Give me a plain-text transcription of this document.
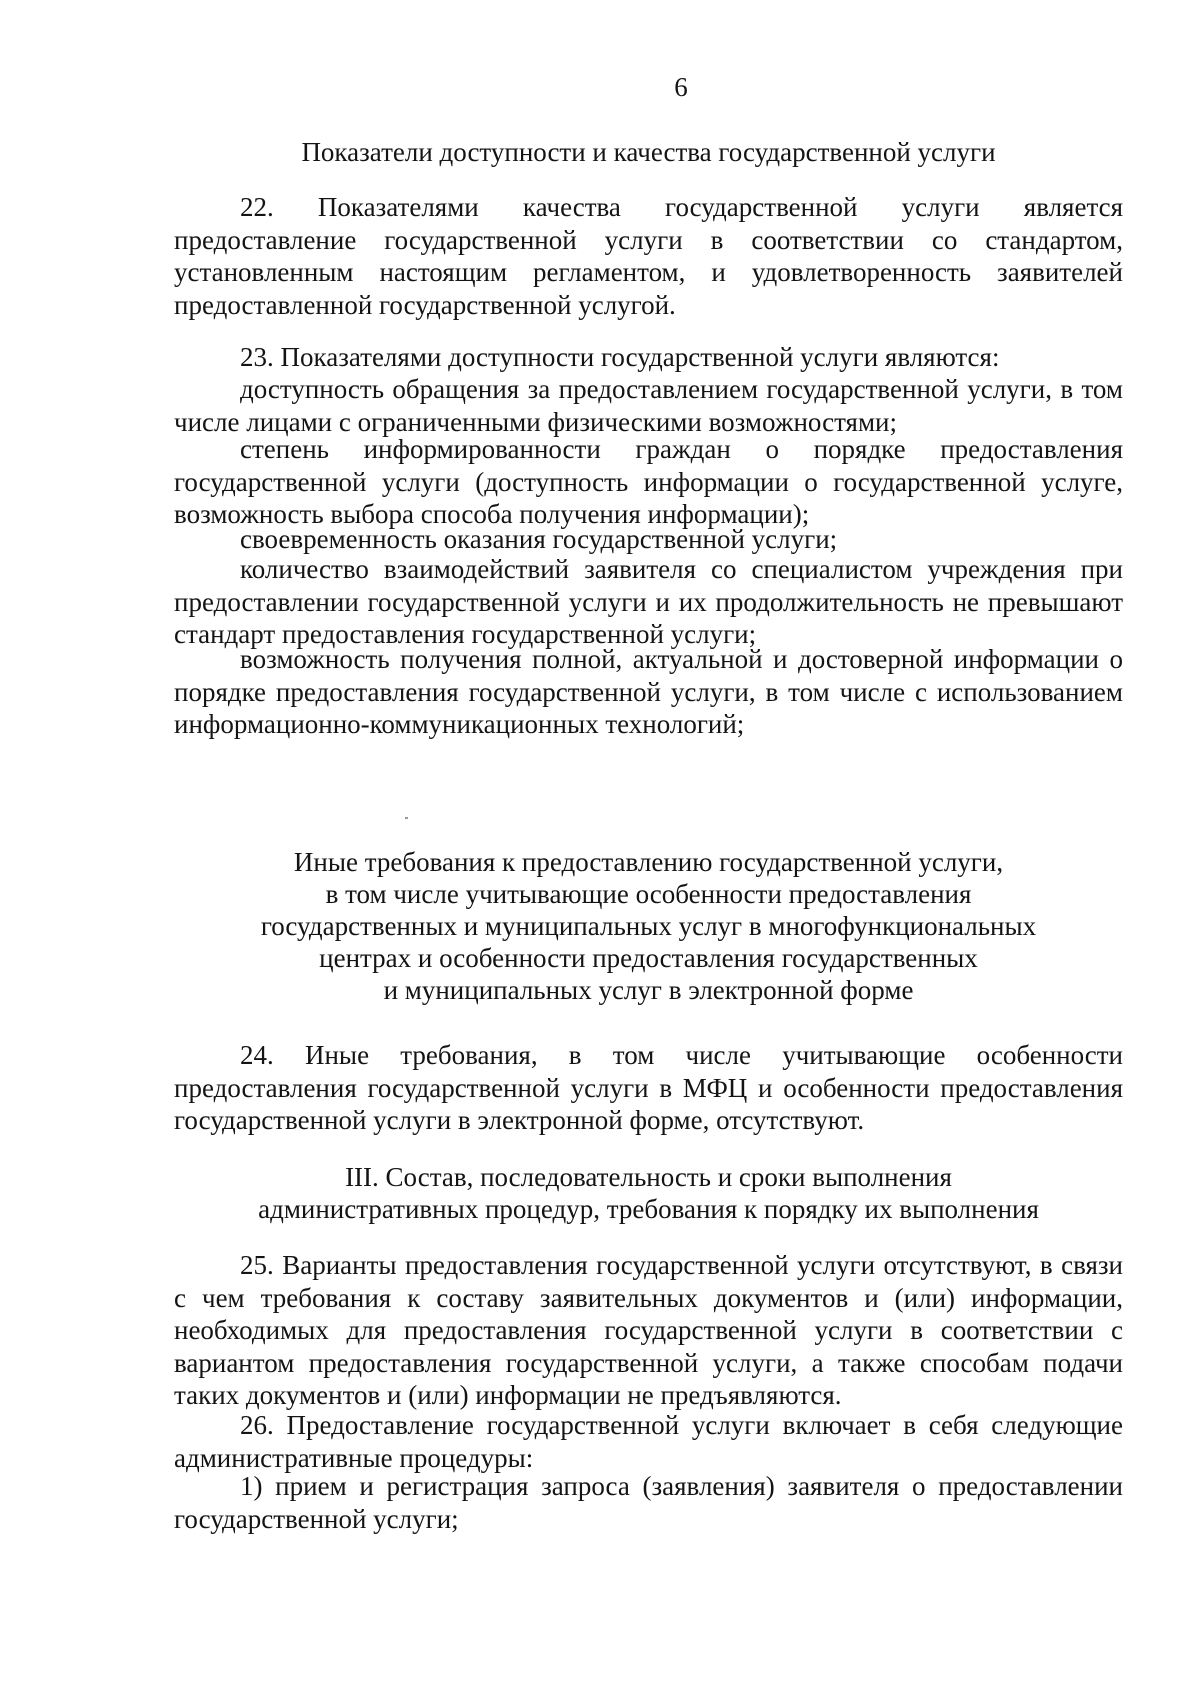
6
Показатели доступности и качества государственной услуги
22. Показателями качества государственной услуги является предоставление государственной услуги в соответствии со стандартом, установленным настоящим регламентом, и удовлетворенность заявителей предоставленной государственной услугой.
23. Показателями доступности государственной услуги являются:
доступность обращения за предоставлением государственной услуги, в том числе лицами с ограниченными физическими возможностями;
степень информированности граждан о порядке предоставления государственной услуги (доступность информации о государственной услуге, возможность выбора способа получения информации);
своевременность оказания государственной услуги;
количество взаимодействий заявителя со специалистом учреждения при предоставлении государственной услуги и их продолжительность не превышают стандарт предоставления государственной услуги;
возможность получения полной, актуальной и достоверной информации о порядке предоставления государственной услуги, в том числе с использованием информационно-коммуникационных технологий;
Иные требования к предоставлению государственной услуги,
в том числе учитывающие особенности предоставления
государственных и муниципальных услуг в многофункциональных
центрах и особенности предоставления государственных
и муниципальных услуг в электронной форме
24. Иные требования, в том числе учитывающие особенности предоставления государственной услуги в МФЦ и особенности предоставления государственной услуги в электронной форме, отсутствуют.
III. Состав, последовательность и сроки выполнения
административных процедур, требования к порядку их выполнения
25. Варианты предоставления государственной услуги отсутствуют, в связи с чем требования к составу заявительных документов и (или) информации, необходимых для предоставления государственной услуги в соответствии с вариантом предоставления государственной услуги, а также способам подачи таких документов и (или) информации не предъявляются.
26. Предоставление государственной услуги включает в себя следующие административные процедуры:
1) прием и регистрация запроса (заявления) заявителя о предоставлении государственной услуги;
